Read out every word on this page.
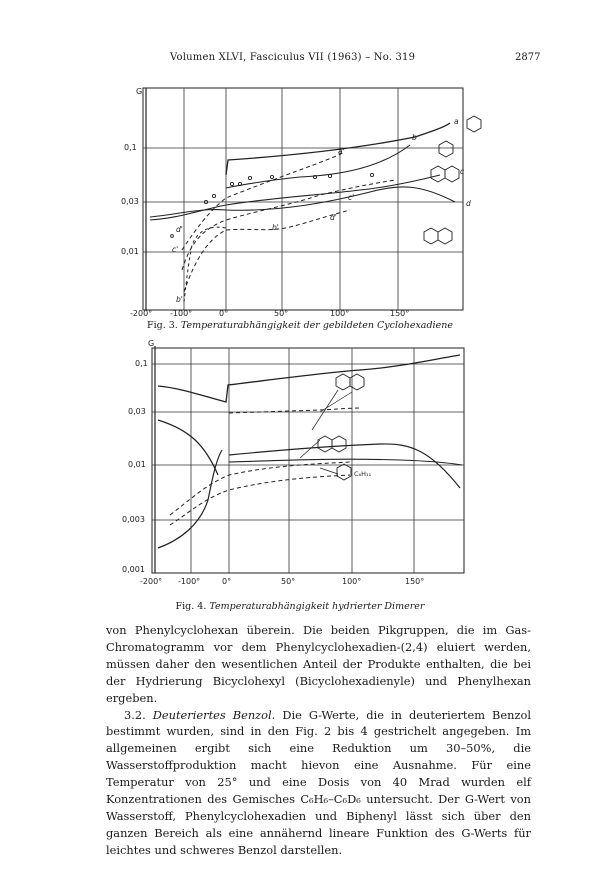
Volumen XLVI, Fasciculus VII (1963) – No. 319	2877
G
0,1
0,03
0,01
-200° -100°	0°	50°	100°	150°
a
b
c
d
c'
d'
b'
b'
c'
d'
a'
Fig. 3. Temperaturabhängigkeit der gebildeten Cyclohexadiene
G
0,1
0,03
0,01
0,003
0,001
-200° -100°	0°	50°	100°	150°
C₆H₁₁
Fig. 4. Temperaturabhängigkeit hydrierter Dimerer

von Phenylcyclohexan überein. Die beiden Pikgruppen, die im Gas-Chromatogramm vor dem Phenylcyclohexadien-(2,4) eluiert werden, müssen daher den wesentlichen Anteil der Produkte enthalten, die bei der Hydrierung Bicyclohexyl (Bicyclohexadienyle) und Phenylhexan ergeben.

3.2. Deuteriertes Benzol. Die G-Werte, die in deuteriertem Benzol bestimmt wurden, sind in den Fig. 2 bis 4 gestrichelt angegeben. Im allgemeinen ergibt sich eine Reduktion um 30–50%, die Wasserstoffproduktion macht hievon eine Ausnahme. Für eine Temperatur von 25° und eine Dosis von 40 Mrad wurden elf Konzentrationen des Gemisches C₆H₆–C₆D₆ untersucht. Der G-Wert von Wasserstoff, Phenylcyclohexadien und Biphenyl lässt sich über den ganzen Bereich als eine annähernd lineare Funktion des G-Werts für leichtes und schweres Benzol darstellen.
